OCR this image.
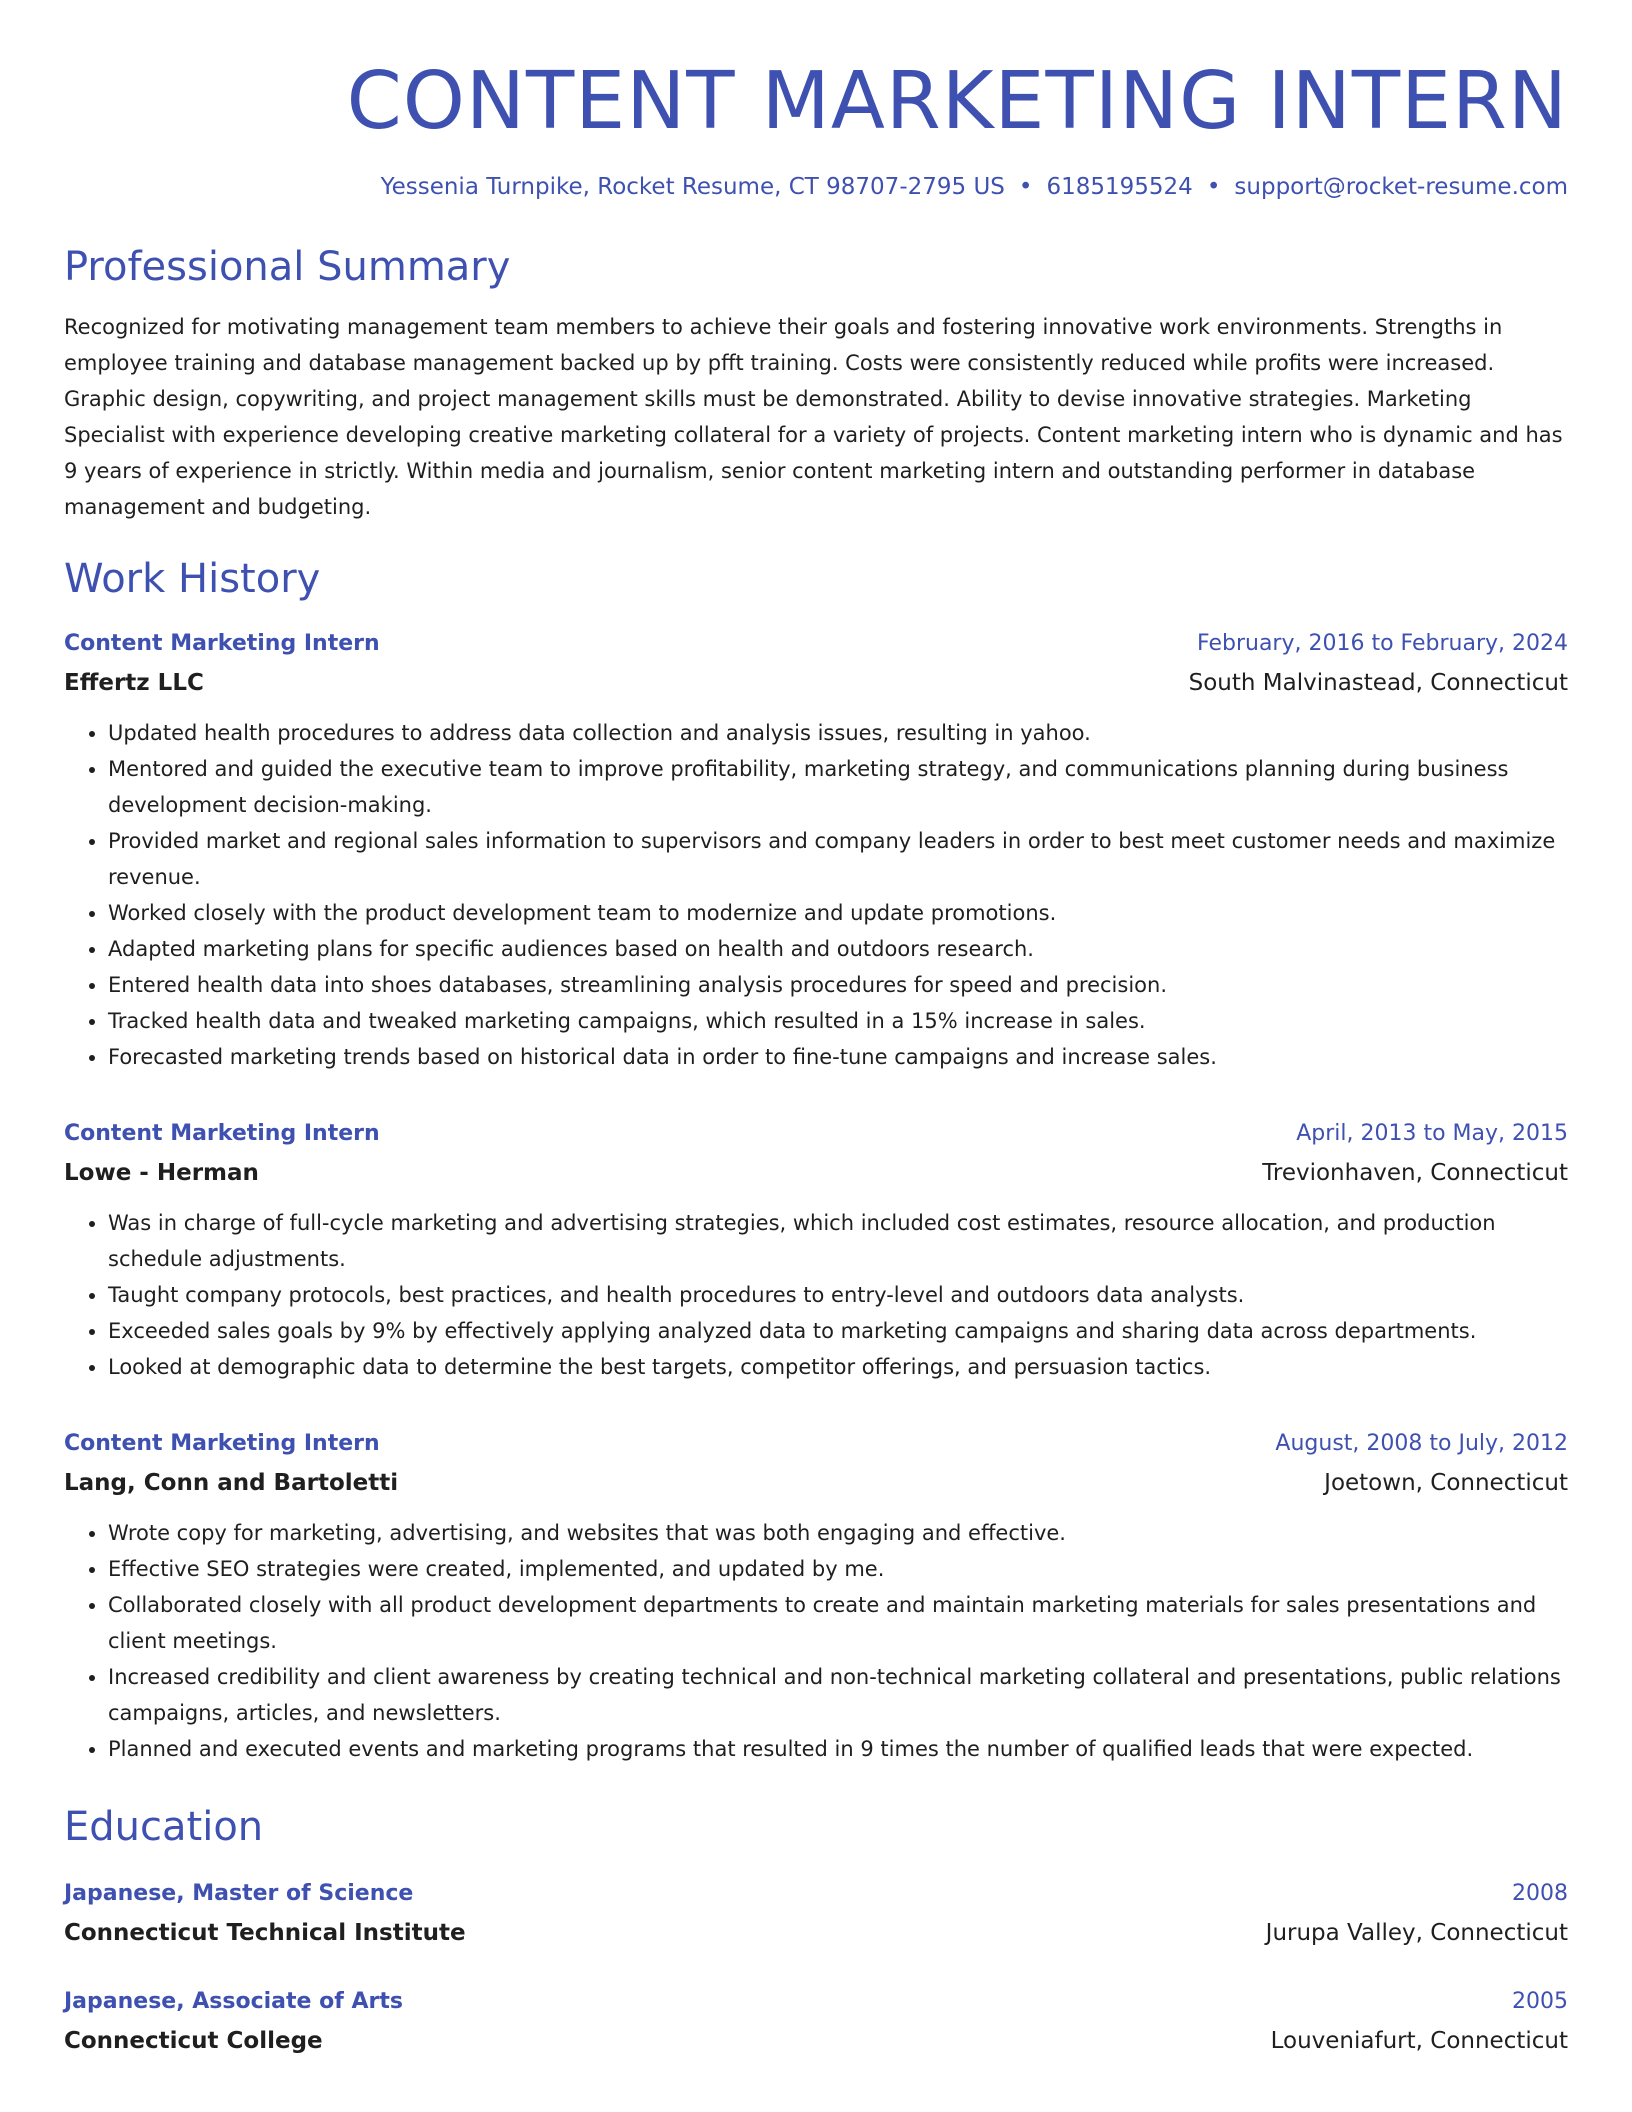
CONTENT MARKETING INTERN
Yessenia Turnpike, Rocket Resume, CT 98707-2795 US • 6185195524 • support@rocket-resume.com
Professional Summary
Recognized for motivating management team members to achieve their goals and fostering innovative work environments. Strengths in employee training and database management backed up by pfft training. Costs were consistently reduced while profits were increased. Graphic design, copywriting, and project management skills must be demonstrated. Ability to devise innovative strategies. Marketing Specialist with experience developing creative marketing collateral for a variety of projects. Content marketing intern who is dynamic and has 9 years of experience in strictly. Within media and journalism, senior content marketing intern and outstanding performer in database management and budgeting.
Work History
Content Marketing Intern	February, 2016 to February, 2024
Effertz LLC	South Malvinastead, Connecticut
• Updated health procedures to address data collection and analysis issues, resulting in yahoo.
• Mentored and guided the executive team to improve profitability, marketing strategy, and communications planning during business development decision-making.
• Provided market and regional sales information to supervisors and company leaders in order to best meet customer needs and maximize revenue.
• Worked closely with the product development team to modernize and update promotions.
• Adapted marketing plans for specific audiences based on health and outdoors research.
• Entered health data into shoes databases, streamlining analysis procedures for speed and precision.
• Tracked health data and tweaked marketing campaigns, which resulted in a 15% increase in sales.
• Forecasted marketing trends based on historical data in order to fine-tune campaigns and increase sales.
Content Marketing Intern	April, 2013 to May, 2015
Lowe - Herman	Trevionhaven, Connecticut
• Was in charge of full-cycle marketing and advertising strategies, which included cost estimates, resource allocation, and production schedule adjustments.
• Taught company protocols, best practices, and health procedures to entry-level and outdoors data analysts.
• Exceeded sales goals by 9% by effectively applying analyzed data to marketing campaigns and sharing data across departments.
• Looked at demographic data to determine the best targets, competitor offerings, and persuasion tactics.
Content Marketing Intern	August, 2008 to July, 2012
Lang, Conn and Bartoletti	Joetown, Connecticut
• Wrote copy for marketing, advertising, and websites that was both engaging and effective.
• Effective SEO strategies were created, implemented, and updated by me.
• Collaborated closely with all product development departments to create and maintain marketing materials for sales presentations and client meetings.
• Increased credibility and client awareness by creating technical and non-technical marketing collateral and presentations, public relations campaigns, articles, and newsletters.
• Planned and executed events and marketing programs that resulted in 9 times the number of qualified leads that were expected.
Education
Japanese, Master of Science	2008
Connecticut Technical Institute	Jurupa Valley, Connecticut
Japanese, Associate of Arts	2005
Connecticut College	Louveniafurt, Connecticut
